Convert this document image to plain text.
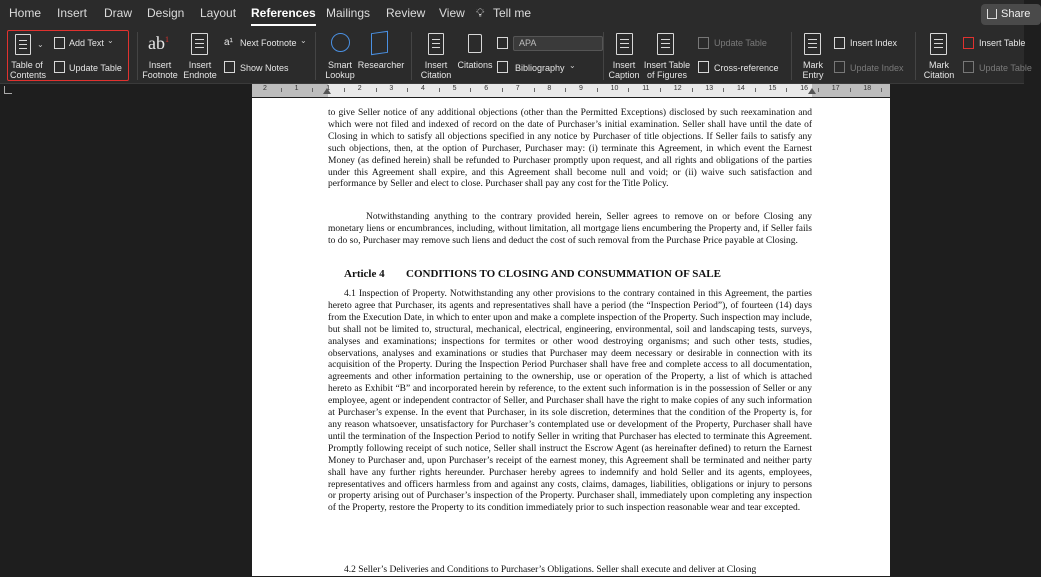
Home Insert Draw Design Layout References Mailings Review View 💡︎ Tell me	Share
Table of
Contents
⌄	Add Text ⌄
Update Table
$ab^1$
Insert
Footnote
Insert
Endnote
a¹ Next Footnote ⌄
Show Notes	Smart
Lookup
Researcher	Insert
Citation
Citations
APA
Bibliography ⌄	Insert
Caption
Insert Table
of Figures
Update Table
Cross-reference	Mark
Entry
Insert Index
Update Index	Mark
Citation
Insert Table
Update Table
2	1	1	2	3	4	5	6	7	8	9	10	11	12	13	14	15	16	17	18

to give Seller notice of any additional objections (other than the Permitted Exceptions) disclosed by such reexamination and which were not filed and indexed of record on the date of Purchaser’s initial examination. Seller shall have until the date of Closing in which to satisfy all objections specified in any notice by Purchaser of title objections. If Seller fails to satisfy any such objections, then, at the option of Purchaser, Purchaser may: (i) terminate this Agreement, in which event the Earnest Money (as defined herein) shall be refunded to Purchaser promptly upon request, and all rights and obligations of the parties under this Agreement shall expire, and this Agreement shall become null and void; or (ii) waive such satisfaction and performance by Seller and elect to close. Purchaser shall pay any cost for the Title Policy.

Notwithstanding anything to the contrary provided herein, Seller agrees to remove on or before Closing any monetary liens or encumbrances, including, without limitation, all mortgage liens encumbering the Property and, if Seller fails to do so, Purchaser may remove such liens and deduct the cost of such removal from the Purchase Price payable at Closing.

Article 4 CONDITIONS TO CLOSING AND CONSUMMATION OF SALE

4.1 Inspection of Property. Notwithstanding any other provisions to the contrary contained in this Agreement, the parties hereto agree that Purchaser, its agents and representatives shall have a period (the “Inspection Period”), of fourteen (14) days from the Execution Date, in which to enter upon and make a complete inspection of the Property. Such inspection may include, but shall not be limited to, structural, mechanical, electrical, engineering, environmental, soil and landscaping tests, surveys, analyses and examinations; inspections for termites or other wood destroying organisms; and such other tests, studies, observations, analyses and examinations or studies that Purchaser may deem necessary or desirable in connection with its acquisition of the Property. During the Inspection Period Purchaser shall have free and complete access to all documentation, agreements and other information pertaining to the ownership, use or operation of the Property, a list of which is attached hereto as Exhibit “B” and incorporated herein by reference, to the extent such information is in the possession of Seller or any employee, agent or independent contractor of Seller, and Purchaser shall have the right to make copies of any such information at Purchaser’s expense. In the event that Purchaser, in its sole discretion, determines that the condition of the Property is, for any reason whatsoever, unsatisfactory for Purchaser’s contemplated use or development of the Property, Purchaser shall have until the termination of the Inspection Period to notify Seller in writing that Purchaser has elected to terminate this Agreement. Promptly following receipt of such notice, Seller shall instruct the Escrow Agent (as hereinafter defined) to return the Earnest Money to Purchaser and, upon Purchaser’s receipt of the earnest money, this Agreement shall be terminated and neither party shall have any further rights hereunder. Purchaser hereby agrees to indemnify and hold Seller and its agents, employees, representatives and officers harmless from and against any costs, claims, damages, liabilities, obligations or injury to persons or property arising out of Purchaser’s inspection of the Property. Purchaser shall, immediately upon completing any inspection of the Property, restore the Property to its condition immediately prior to such inspection reasonable wear and tear excepted.

4.2 Seller’s Deliveries and Conditions to Purchaser’s Obligations. Seller shall execute and deliver at Closing
